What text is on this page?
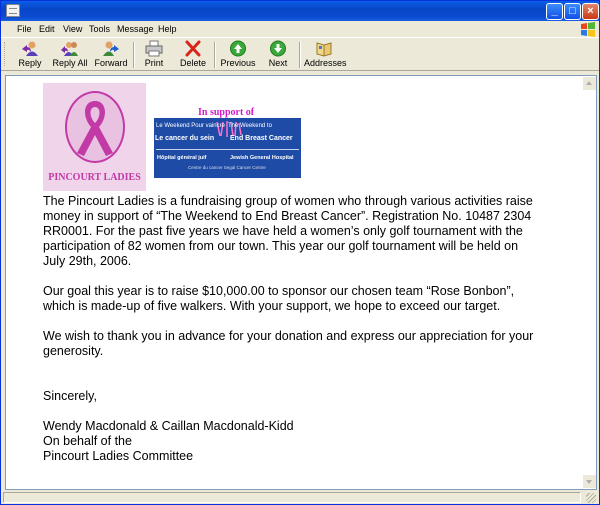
_	□	×
File Edit View Tools Message Help
Reply	Reply All Forward	Print	Delete	Previous	Next	Addresses
PINCOURT LADIES
In support of
Le Weekend Pour vaincre
Le cancer du sein
The Weekend to
End Breast Cancer
Hôpital général juif	Jewish General Hospital
Centre du cancer Segal Cancer Centre

The Pincourt Ladies is a fundraising group of women who through various activities raise
money in support of “The Weekend to End Breast Cancer”. Registration No. 10487 2304
RR0001. For the past five years we have held a women’s only golf tournament with the
participation of 82 women from our town. This year our golf tournament will be held on
July 29th, 2006.

Our goal this year is to raise $10,000.00 to sponsor our chosen team “Rose Bonbon”,
which is made-up of five walkers. With your support, we hope to exceed our target.

We wish to thank you in advance for your donation and express our appreciation for your
generosity.

Sincerely,

Wendy Macdonald & Caillan Macdonald-Kidd
On behalf of the
Pincourt Ladies Committee
